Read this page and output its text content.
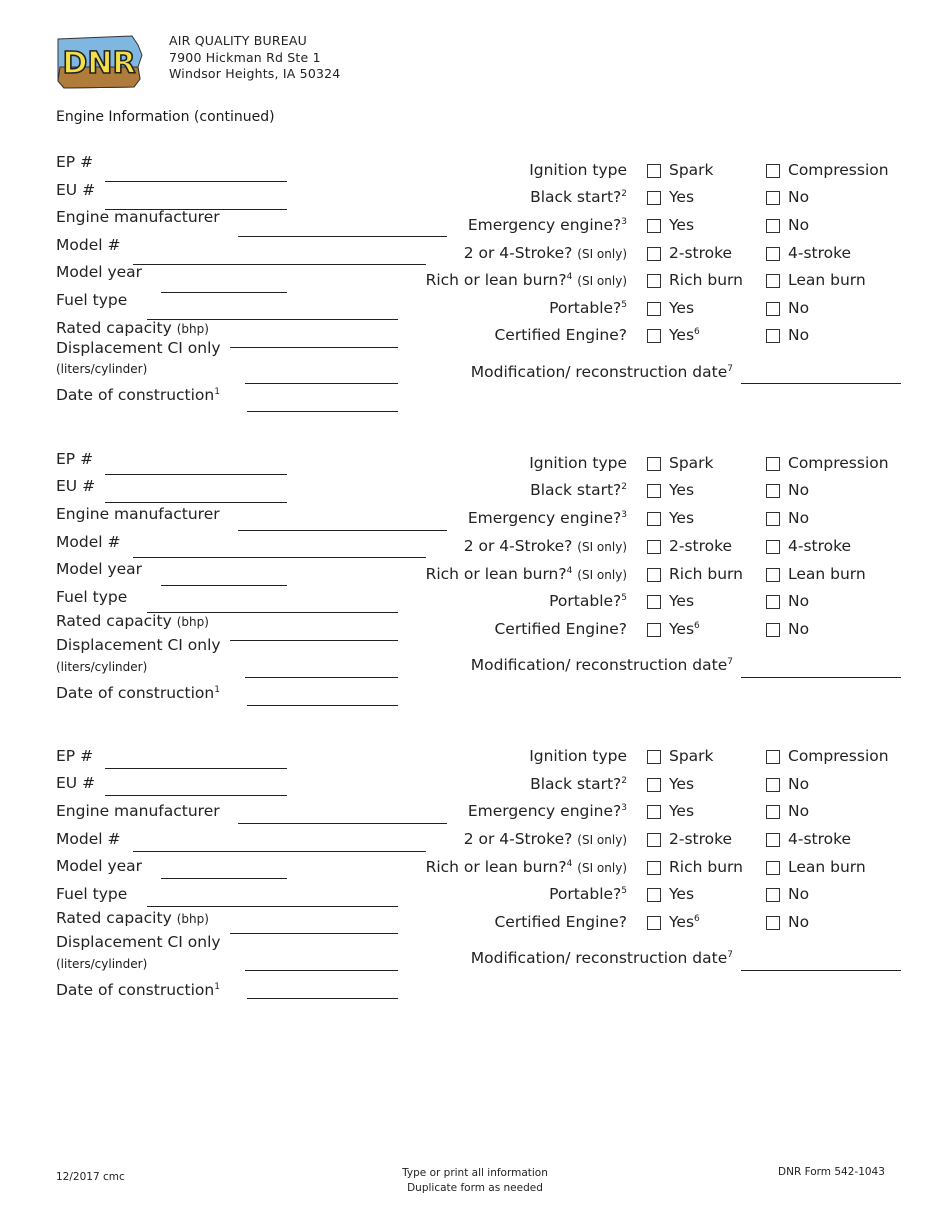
DNR
AIR QUALITY BUREAU
7900 Hickman Rd Ste 1
Windsor Heights, IA 50324
Engine Information (continued)
EP #
EU #
Engine manufacturer
Model #
Model year
Fuel type
Rated capacity (bhp)
Displacement CI only
(liters/cylinder)
Date of construction$^1$
Ignition type	Spark	Compression
Black start?$^2$	Yes	No
Emergency engine?$^3$	Yes	No
2 or 4-Stroke? (SI only)	2-stroke	4-stroke
Rich or lean burn?$^4$ (SI only)	Rich burn	Lean burn
Portable?$^5$	Yes	No
Certified Engine?	Yes$^6$	No
Modification/ reconstruction date$^7$
EP #
EU #
Engine manufacturer
Model #
Model year
Fuel type
Rated capacity (bhp)
Displacement CI only
(liters/cylinder)
Date of construction$^1$
Ignition type	Spark	Compression
Black start?$^2$	Yes	No
Emergency engine?$^3$	Yes	No
2 or 4-Stroke? (SI only)	2-stroke	4-stroke
Rich or lean burn?$^4$ (SI only)	Rich burn	Lean burn
Portable?$^5$	Yes	No
Certified Engine?	Yes$^6$	No
Modification/ reconstruction date$^7$
EP #
EU #
Engine manufacturer
Model #
Model year
Fuel type
Rated capacity (bhp)
Displacement CI only
(liters/cylinder)
Date of construction$^1$
Ignition type	Spark	Compression
Black start?$^2$	Yes	No
Emergency engine?$^3$	Yes	No
2 or 4-Stroke? (SI only)	2-stroke	4-stroke
Rich or lean burn?$^4$ (SI only)	Rich burn	Lean burn
Portable?$^5$	Yes	No
Certified Engine?	Yes$^6$	No
Modification/ reconstruction date$^7$
12/2017 cmc	Type or print all information
Duplicate form as needed
DNR Form 542-1043
